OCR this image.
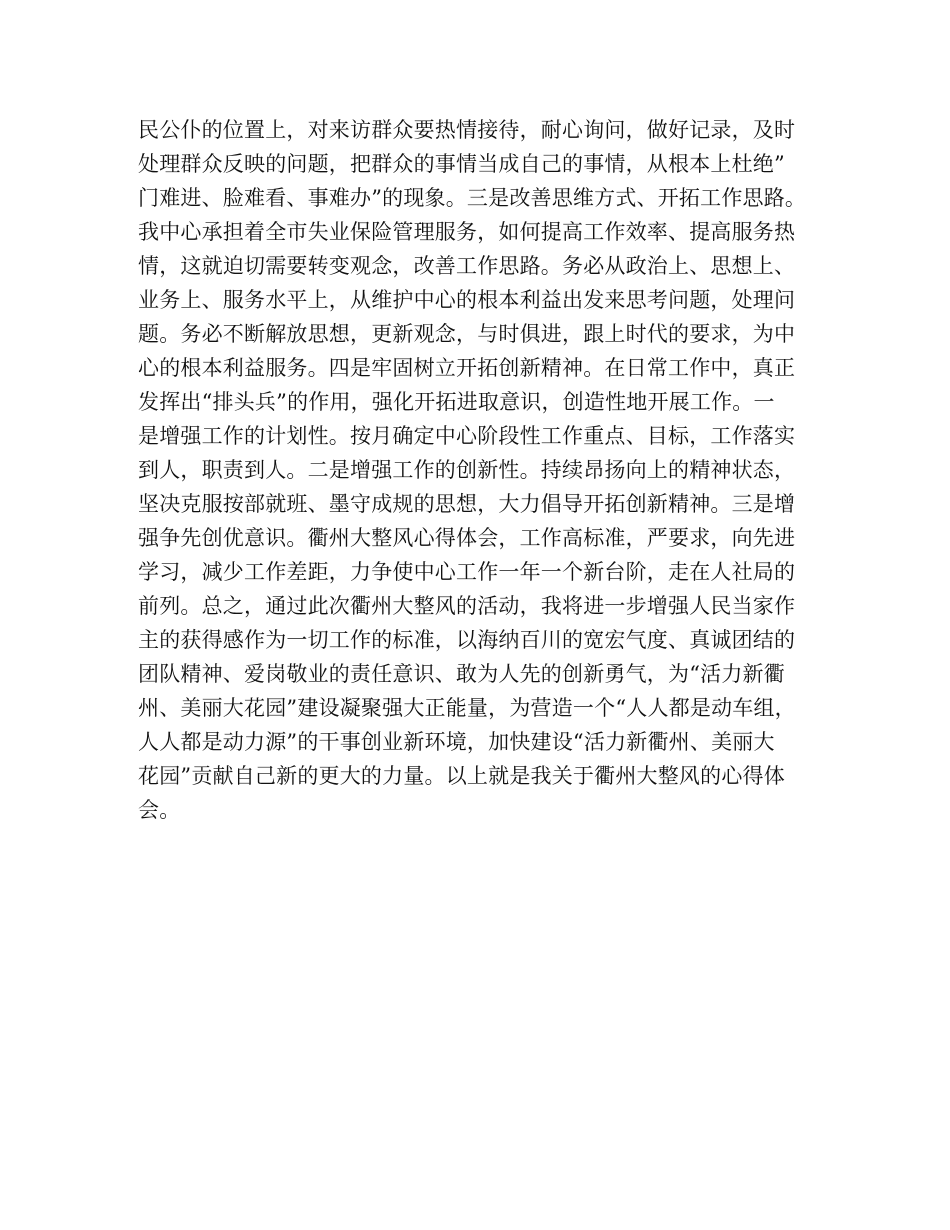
民公仆的位置上，对来访群众要热情接待，耐心询问，做好记录，及时
处理群众反映的问题，把群众的事情当成自己的事情，从根本上杜绝”
门难进、脸难看、事难办”的现象。三是改善思维方式、开拓工作思路。
我中心承担着全市失业保险管理服务，如何提高工作效率、提高服务热
情，这就迫切需要转变观念，改善工作思路。务必从政治上、思想上、
业务上、服务水平上，从维护中心的根本利益出发来思考问题，处理问
题。务必不断解放思想，更新观念，与时俱进，跟上时代的要求，为中
心的根本利益服务。四是牢固树立开拓创新精神。在日常工作中，真正
发挥出“排头兵”的作用，强化开拓进取意识，创造性地开展工作。一
是增强工作的计划性。按月确定中心阶段性工作重点、目标，工作落实
到人，职责到人。二是增强工作的创新性。持续昂扬向上的精神状态，
坚决克服按部就班、墨守成规的思想，大力倡导开拓创新精神。三是增
强争先创优意识。衢州大整风心得体会，工作高标准，严要求，向先进
学习，减少工作差距，力争使中心工作一年一个新台阶，走在人社局的
前列。总之，通过此次衢州大整风的活动，我将进一步增强人民当家作
主的获得感作为一切工作的标准，以海纳百川的宽宏气度、真诚团结的
团队精神、爱岗敬业的责任意识、敢为人先的创新勇气，为“活力新衢
州、美丽大花园”建设凝聚强大正能量，为营造一个“人人都是动车组，
人人都是动力源”的干事创业新环境，加快建设“活力新衢州、美丽大
花园”贡献自己新的更大的力量。以上就是我关于衢州大整风的心得体
会。
